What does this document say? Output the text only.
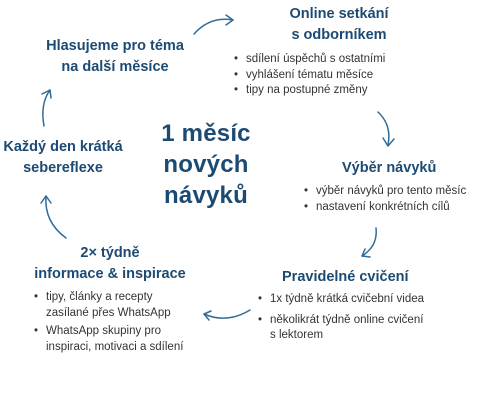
1 měsíc
nových
návyků
Online setkání
s odborníkem
• sdílení úspěchů s ostatními
• vyhlášení tématu měsíce
• tipy na postupné změny
Výběr návyků
• výběr návyků pro tento měsíc
• nastavení konkrétních cílů
Pravidelné cvičení
• 1x týdně krátká cvičební videa
• několikrát týdně online cvičení
s lektorem
2× týdně
informace & inspirace
• tipy, články a recepty
zasílané přes WhatsApp
• WhatsApp skupiny pro
inspiraci, motivaci a sdílení
Každý den krátká
sebereflexe
Hlasujeme pro téma
na další měsíce
